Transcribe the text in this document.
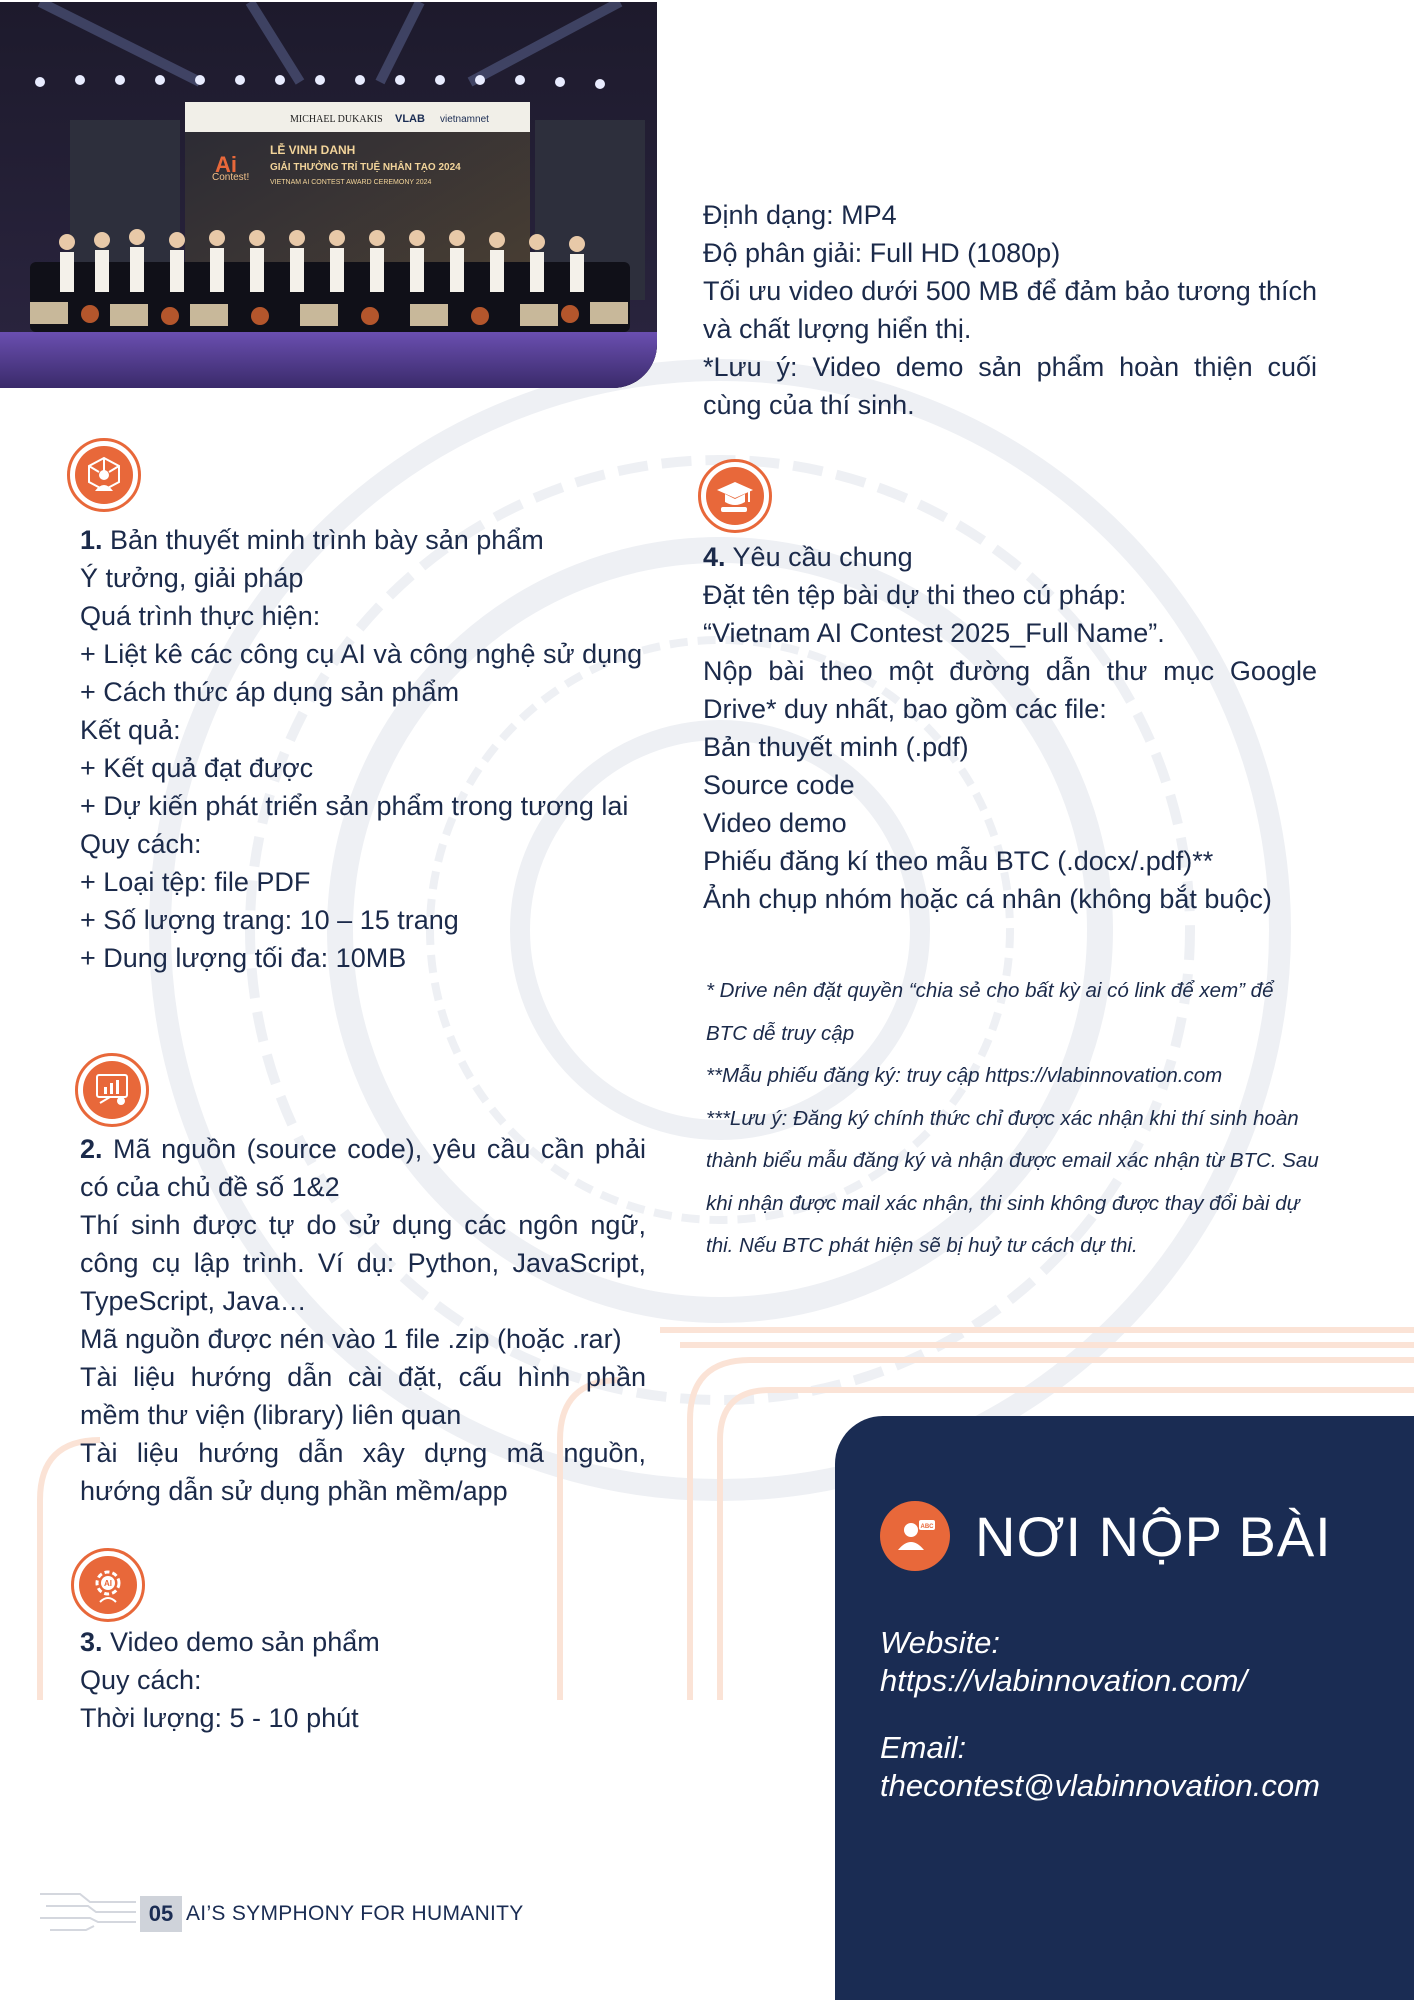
MICHAEL DUKAKIS VLAB vietnamnet
Ai
Contest!
LỄ VINH DANH
GIẢI THƯỞNG TRÍ TUỆ NHÂN TẠO 2024
VIETNAM AI CONTEST AWARD CEREMONY 2024

Định dạng: MP4

Độ phân giải: Full HD (1080p)

Tối ưu video dưới 500 MB để đảm bảo tương thích và chất lượng hiển thị.

*Lưu ý: Video demo sản phẩm hoàn thiện cuối cùng của thí sinh.

1. Bản thuyết minh trình bày sản phẩm

Ý tưởng, giải pháp

Quá trình thực hiện:

+ Liệt kê các công cụ AI và công nghệ sử dụng

+ Cách thức áp dụng sản phẩm

Kết quả:

+ Kết quả đạt được

+ Dự kiến phát triển sản phẩm trong tương lai

Quy cách:

+ Loại tệp: file PDF

+ Số lượng trang: 10 – 15 trang

+ Dung lượng tối đa: 10MB

2. Mã nguồn (source code), yêu cầu cần phải có của chủ đề số 1&2

Thí sinh được tự do sử dụng các ngôn ngữ, công cụ lập trình. Ví dụ: Python, JavaScript, TypeScript, Java…

Mã nguồn được nén vào 1 file .zip (hoặc .rar)

Tài liệu hướng dẫn cài đặt, cấu hình phần mềm thư viện (library) liên quan

Tài liệu hướng dẫn xây dựng mã nguồn, hướng dẫn sử dụng phần mềm/app

AI

3. Video demo sản phẩm

Quy cách:

Thời lượng: 5 - 10 phút

4. Yêu cầu chung

Đặt tên tệp bài dự thi theo cú pháp:

“Vietnam AI Contest 2025_Full Name”.

Nộp bài theo một đường dẫn thư mục Google Drive* duy nhất, bao gồm các file:

Bản thuyết minh (.pdf)

Source code

Video demo

Phiếu đăng kí theo mẫu BTC (.docx/.pdf)**

Ảnh chụp nhóm hoặc cá nhân (không bắt buộc)

* Drive nên đặt quyền “chia sẻ cho bất kỳ ai có link để xem” để BTC dễ truy cập

**Mẫu phiếu đăng ký: truy cập https://vlabinnovation.com

***Lưu ý: Đăng ký chính thức chỉ được xác nhận khi thí sinh hoàn thành biểu mẫu đăng ký và nhận được email xác nhận từ BTC. Sau khi nhận được mail xác nhận, thi sinh không được thay đổi bài dự thi. Nếu BTC phát hiện sẽ bị huỷ tư cách dự thi.

ABC NƠI NỘP BÀI
Website:
https://vlabinnovation.com/
Email:
thecontest@vlabinnovation.com
05 AI’S SYMPHONY FOR HUMANITY
